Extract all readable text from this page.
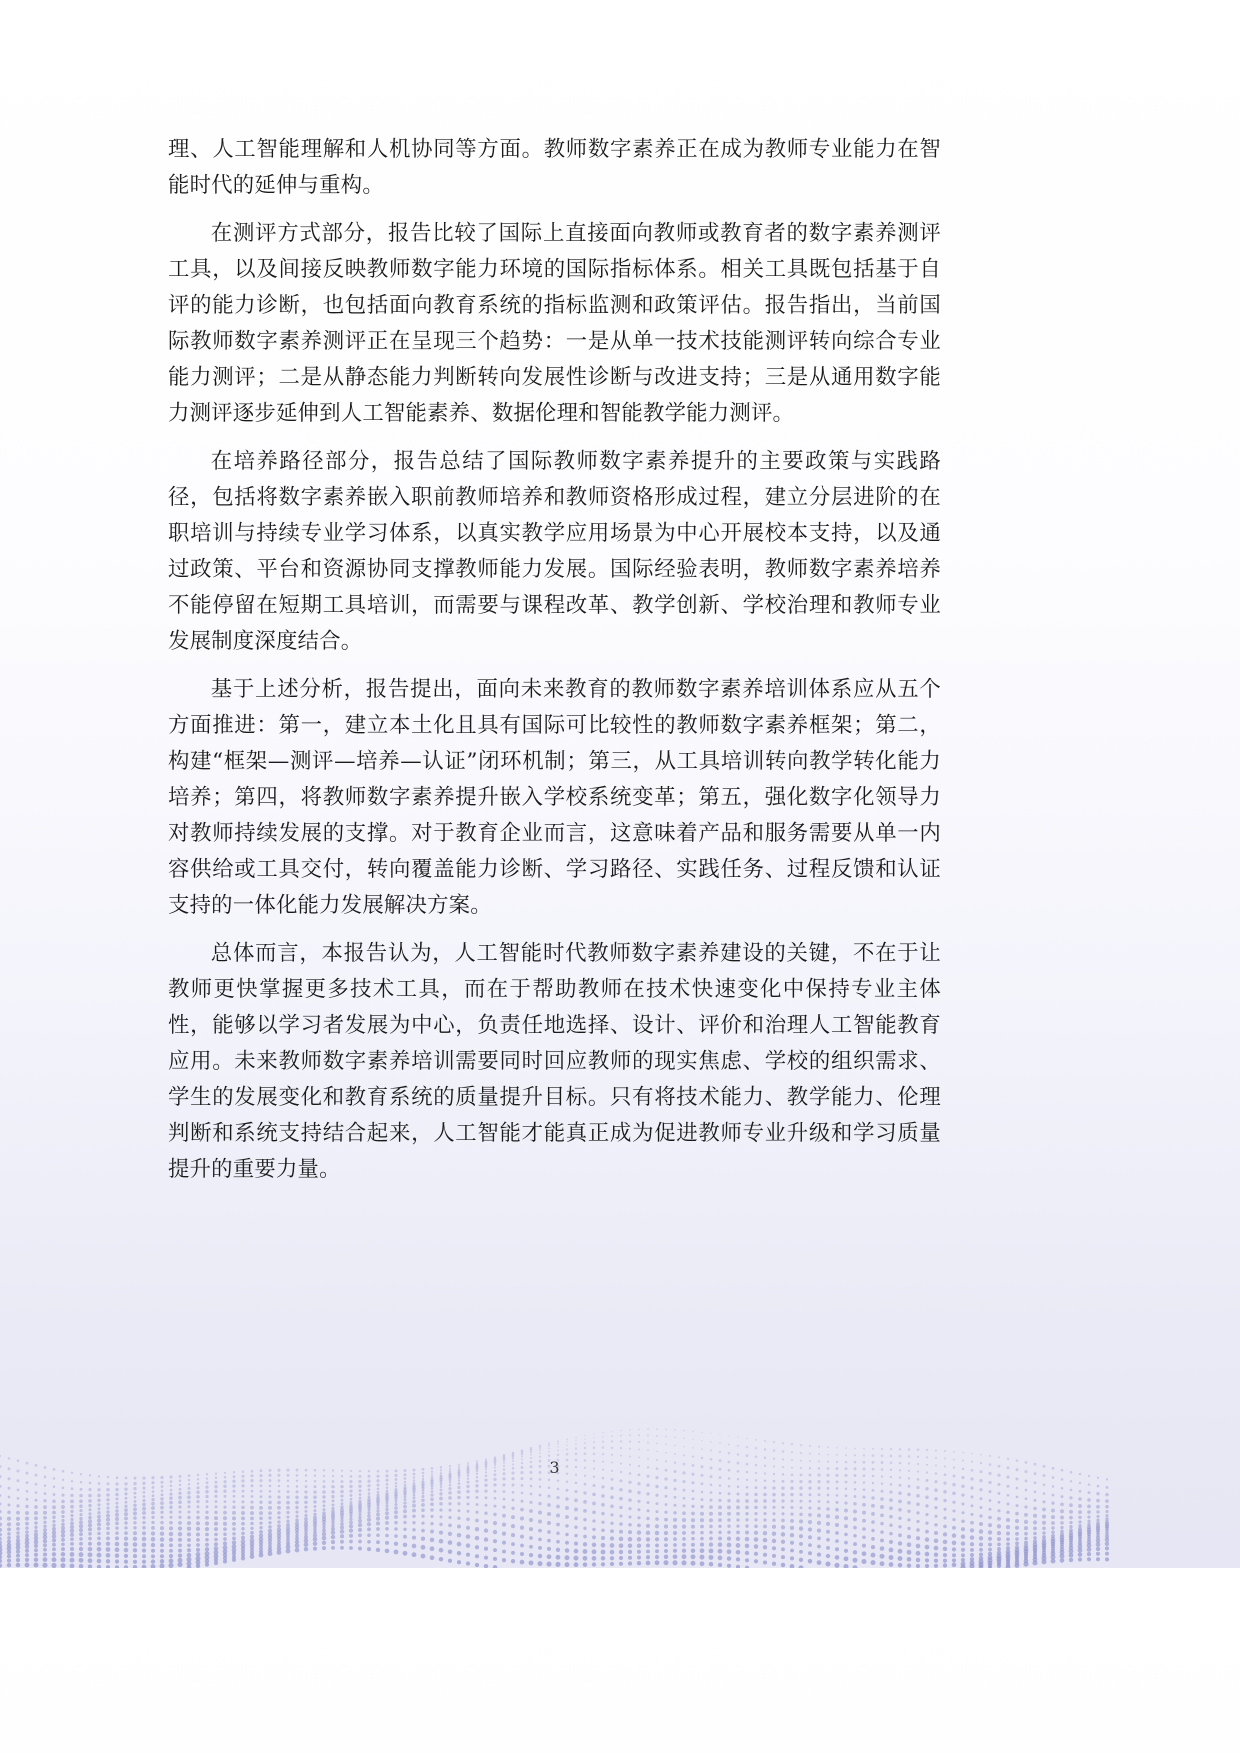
理、人工智能理解和人机协同等方面。教师数字素养正在成为教师专业能力在智能时代的延伸与重构。

在测评方式部分，报告比较了国际上直接面向教师或教育者的数字素养测评工具，以及间接反映教师数字能力环境的国际指标体系。相关工具既包括基于自评的能力诊断，也包括面向教育系统的指标监测和政策评估。报告指出，当前国际教师数字素养测评正在呈现三个趋势：一是从单一技术技能测评转向综合专业能力测评；二是从静态能力判断转向发展性诊断与改进支持；三是从通用数字能力测评逐步延伸到人工智能素养、数据伦理和智能教学能力测评。

在培养路径部分，报告总结了国际教师数字素养提升的主要政策与实践路径，包括将数字素养嵌入职前教师培养和教师资格形成过程，建立分层进阶的在职培训与持续专业学习体系，以真实教学应用场景为中心开展校本支持，以及通过政策、平台和资源协同支撑教师能力发展。国际经验表明，教师数字素养培养不能停留在短期工具培训，而需要与课程改革、教学创新、学校治理和教师专业发展制度深度结合。

基于上述分析，报告提出，面向未来教育的教师数字素养培训体系应从五个方面推进：第一，建立本土化且具有国际可比较性的教师数字素养框架；第二，构建“框架—测评—培养—认证”闭环机制；第三，从工具培训转向教学转化能力培养；第四，将教师数字素养提升嵌入学校系统变革；第五，强化数字化领导力对教师持续发展的支撑。对于教育企业而言，这意味着产品和服务需要从单一内容供给或工具交付，转向覆盖能力诊断、学习路径、实践任务、过程反馈和认证支持的一体化能力发展解决方案。

总体而言，本报告认为，人工智能时代教师数字素养建设的关键，不在于让教师更快掌握更多技术工具，而在于帮助教师在技术快速变化中保持专业主体性，能够以学习者发展为中心，负责任地选择、设计、评价和治理人工智能教育应用。未来教师数字素养培训需要同时回应教师的现实焦虑、学校的组织需求、学生的发展变化和教育系统的质量提升目标。只有将技术能力、教学能力、伦理判断和系统支持结合起来，人工智能才能真正成为促进教师专业升级和学习质量提升的重要力量。

3
